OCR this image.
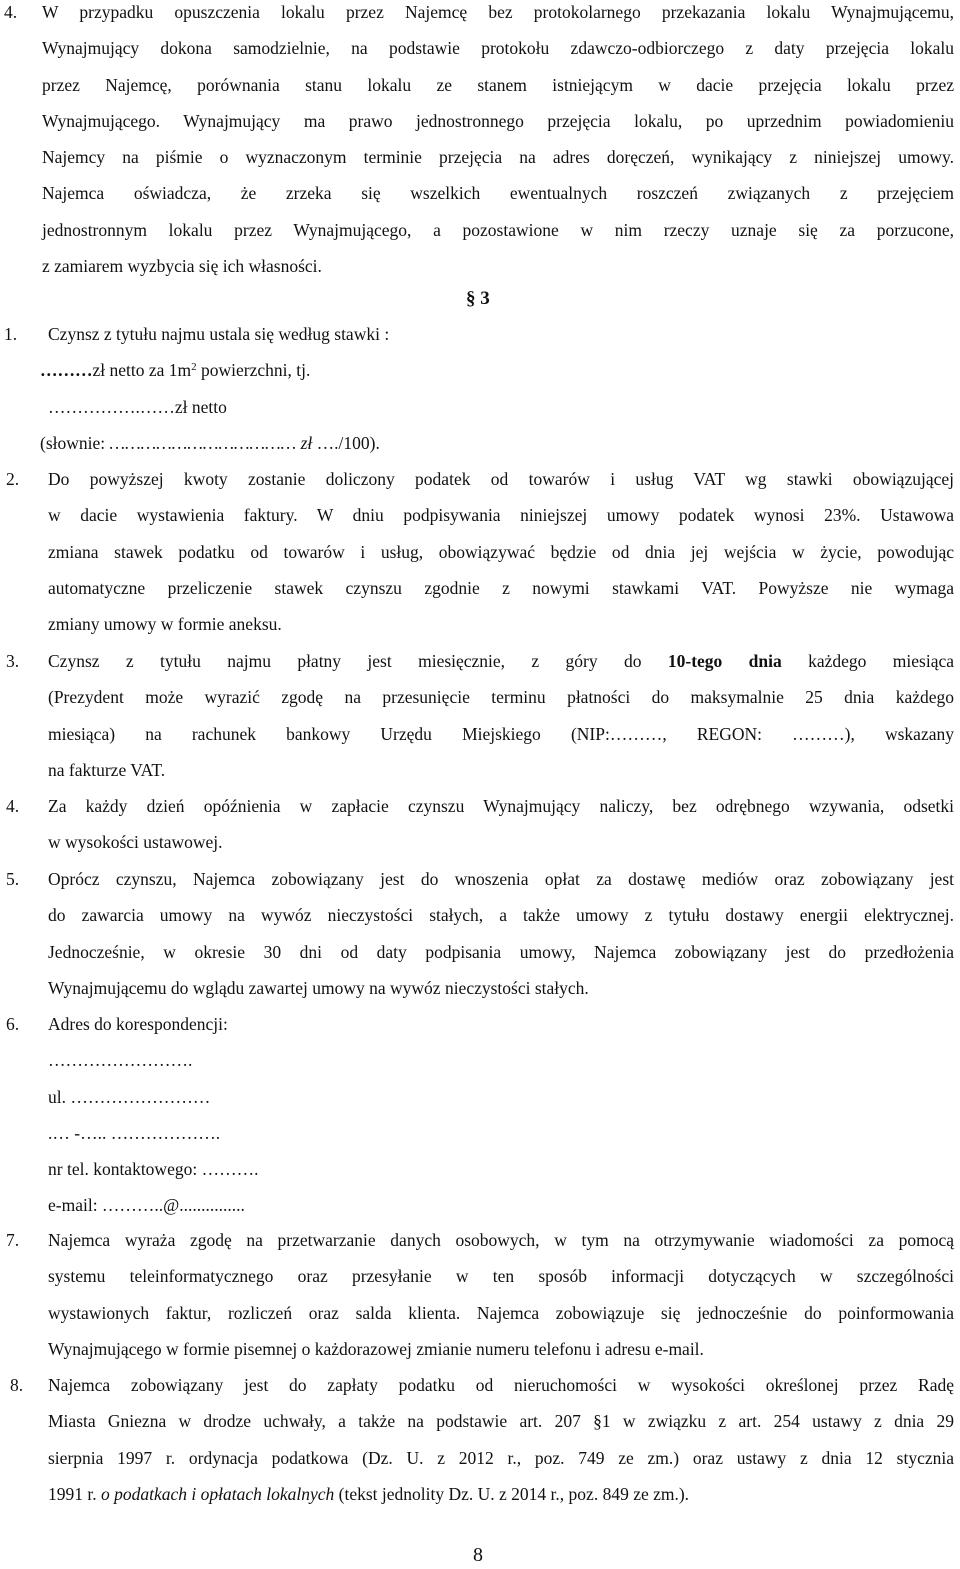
4. W przypadku opuszczenia lokalu przez Najemcę bez protokolarnego przekazania lokalu Wynajmującemu,
Wynajmujący dokona samodzielnie, na podstawie protokołu zdawczo-odbiorczego z daty przejęcia lokalu
przez Najemcę, porównania stanu lokalu ze stanem istniejącym w dacie przejęcia lokalu przez
Wynajmującego. Wynajmujący ma prawo jednostronnego przejęcia lokalu, po uprzednim powiadomieniu
Najemcy na piśmie o wyznaczonym terminie przejęcia na adres doręczeń, wynikający z niniejszej umowy.
Najemca oświadcza, że zrzeka się wszelkich ewentualnych roszczeń związanych z przejęciem
jednostronnym lokalu przez Wynajmującego, a pozostawione w nim rzeczy uznaje się za porzucone,
z zamiarem wyzbycia się ich własności.
§ 3
1. Czynsz z tytułu najmu ustala się według stawki :
………zł netto za $1m^2$ powierzchni, tj.
…………….……zł netto
(słownie: ……………………………… zł …./100).
2. Do powyższej kwoty zostanie doliczony podatek od towarów i usług VAT wg stawki obowiązującej
w dacie wystawienia faktury. W dniu podpisywania niniejszej umowy podatek wynosi 23%. Ustawowa
zmiana stawek podatku od towarów i usług, obowiązywać będzie od dnia jej wejścia w życie, powodując
automatyczne przeliczenie stawek czynszu zgodnie z nowymi stawkami VAT. Powyższe nie wymaga
zmiany umowy w formie aneksu.
3. Czynsz z tytułu najmu płatny jest miesięcznie, z góry do 10-tego dnia każdego miesiąca
(Prezydent może wyrazić zgodę na przesunięcie terminu płatności do maksymalnie 25 dnia każdego
miesiąca) na rachunek bankowy Urzędu Miejskiego (NIP:………, REGON: ………), wskazany
na fakturze VAT.
4. Za każdy dzień opóźnienia w zapłacie czynszu Wynajmujący naliczy, bez odrębnego wzywania, odsetki
w wysokości ustawowej.
5. Oprócz czynszu, Najemca zobowiązany jest do wnoszenia opłat za dostawę mediów oraz zobowiązany jest
do zawarcia umowy na wywóz nieczystości stałych, a także umowy z tytułu dostawy energii elektrycznej.
Jednocześnie, w okresie 30 dni od daty podpisania umowy, Najemca zobowiązany jest do przedłożenia
Wynajmującemu do wglądu zawartej umowy na wywóz nieczystości stałych.
6. Adres do korespondencji:
…………………….
ul. ……………………
.… -….. ……………….
nr tel. kontaktowego: ……….
e-mail: ………..@...............
7. Najemca wyraża zgodę na przetwarzanie danych osobowych, w tym na otrzymywanie wiadomości za pomocą
systemu teleinformatycznego oraz przesyłanie w ten sposób informacji dotyczących w szczególności
wystawionych faktur, rozliczeń oraz salda klienta. Najemca zobowiązuje się jednocześnie do poinformowania
Wynajmującego w formie pisemnej o każdorazowej zmianie numeru telefonu i adresu e-mail.
8. Najemca zobowiązany jest do zapłaty podatku od nieruchomości w wysokości określonej przez Radę
Miasta Gniezna w drodze uchwały, a także na podstawie art. 207 §1 w związku z art. 254 ustawy z dnia 29
sierpnia 1997 r. ordynacja podatkowa (Dz. U. z 2012 r., poz. 749 ze zm.) oraz ustawy z dnia 12 stycznia
1991 r. o podatkach i opłatach lokalnych (tekst jednolity Dz. U. z 2014 r., poz. 849 ze zm.).
8
